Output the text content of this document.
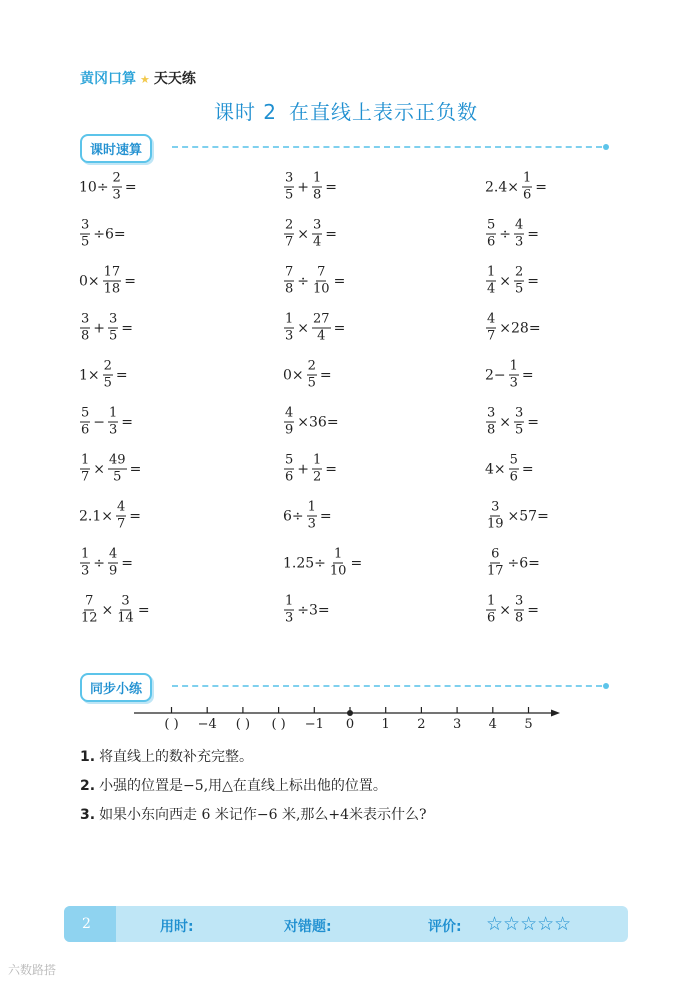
黄冈口算 ★ 天天练
课时 2 在直线上表示正负数
课时速算
$10\div \frac{2}{3}$ =	$\frac{3}{5} + \frac{1}{8}$ =	$2.4\times \frac{1}{6}$ =
$\frac{3}{5} \div 6=$	$\frac{2}{7} \times \frac{3}{4}$ =	$\frac{5}{6} \div \frac{4}{3}$ =
$0\times \frac{17}{18}$ =	$\frac{7}{8} \div \frac{7}{10}$ =	$\frac{1}{4} \times \frac{2}{5}$ =
$\frac{3}{8} + \frac{3}{5}$ =	$\frac{1}{3} \times \frac{27}{4}$ =	$\frac{4}{7} \times 28=$
$1\times \frac{2}{5}$ =	$0\times \frac{2}{5}$ =	$2- \frac{1}{3}$ =
$\frac{5}{6} - \frac{1}{3}$ =	$\frac{4}{9} \times 36=$	$\frac{3}{8} \times \frac{3}{5}$ =
$\frac{1}{7} \times \frac{49}{5}$ =	$\frac{5}{6} + \frac{1}{2}$ =	$4\times \frac{5}{6}$ =
$2.1\times \frac{4}{7}$ =	$6\div \frac{1}{3}$ =	$\frac{3}{19} \times 57=$
$\frac{1}{3} \div \frac{4}{9}$ =	$1.25\div \frac{1}{10}$ =	$\frac{6}{17} \div 6=$
$\frac{7}{12} \times \frac{3}{14}$ =	$\frac{1}{3} \div 3=$	$\frac{1}{6} \times \frac{3}{8}$ =
同步小练
( ) −4 ( ) ( ) −1 0 1 2 3 4 5
1. 将直线上的数补充完整。
2. 小强的位置是−5,用△在直线上标出他的位置。
3. 如果小东向西走 6 米记作−6 米,那么+4米表示什么?
2	用时:	对错题:	评价: ☆☆☆☆☆
六数路搭
